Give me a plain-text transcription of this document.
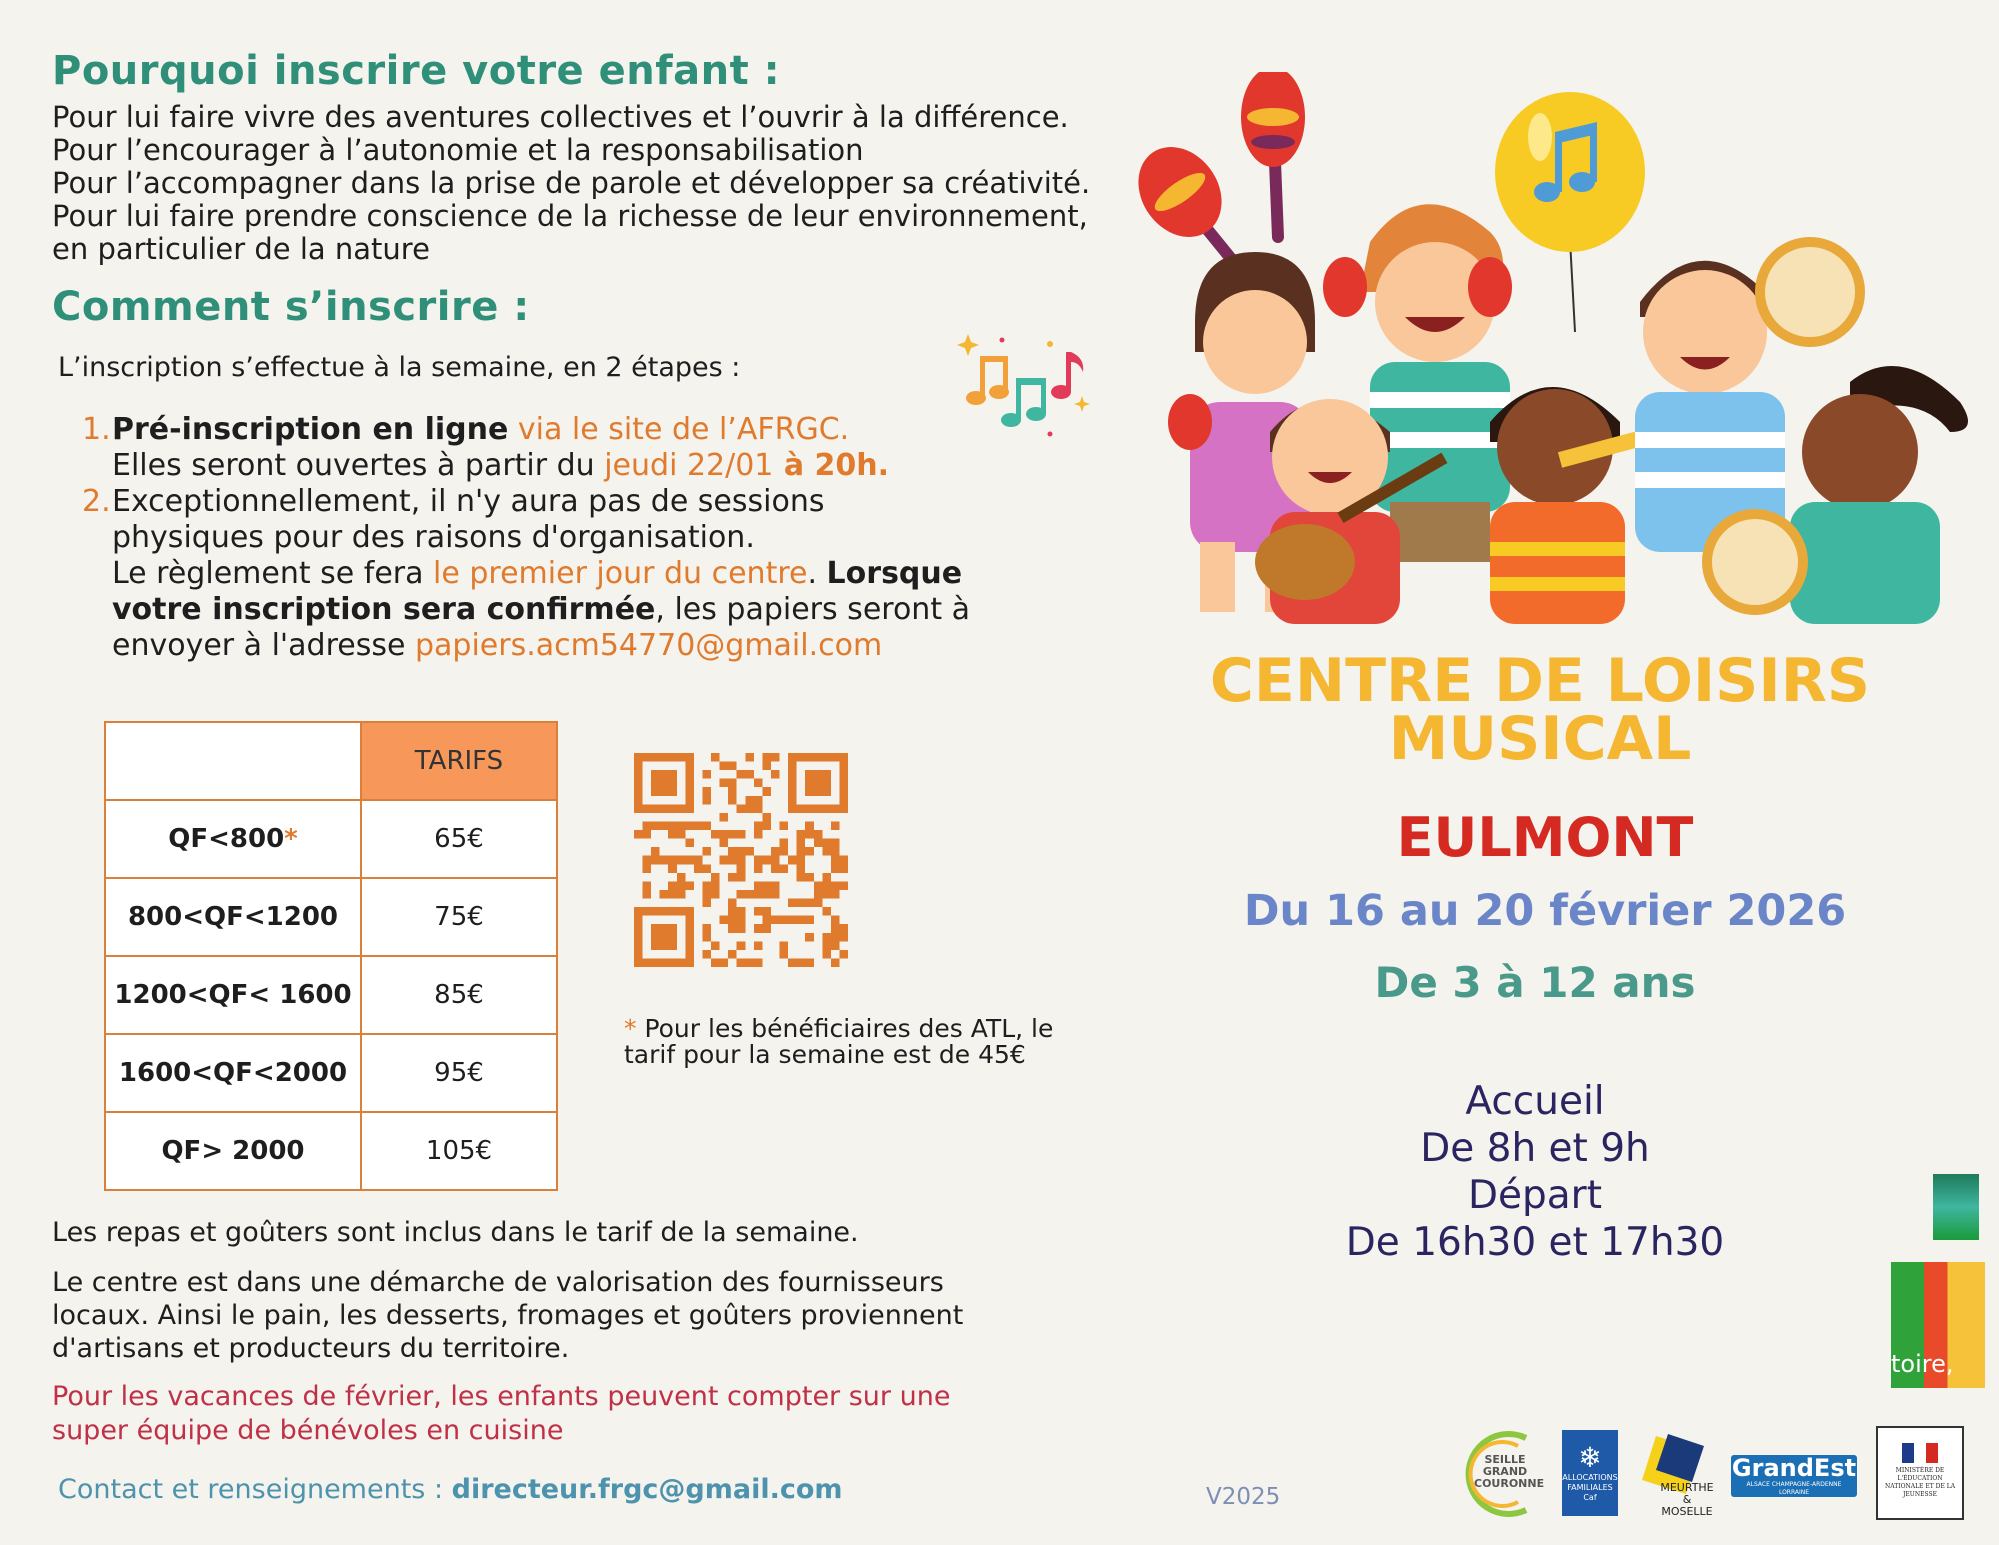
Pourquoi inscrire votre enfant :
Pour lui faire vivre des aventures collectives et l’ouvrir à la différence.
Pour l’encourager à l’autonomie et la responsabilisation
Pour l’accompagner dans la prise de parole et développer sa créativité.
Pour lui faire prendre conscience de la richesse de leur environnement,
en particulier de la nature
Comment s’inscrire :
L’inscription s’effectue à la semaine, en 2 étapes :
1. Pré-inscription en ligne via le site de l’AFRGC.
Elles seront ouvertes à partir du jeudi 22/01 à 20h.
2. Exceptionnellement, il n'y aura pas de sessions
physiques pour des raisons d'organisation.
Le règlement se fera le premier jour du centre. Lorsque
votre inscription sera confirmée, les papiers seront à
envoyer à l'adresse papiers.acm54770@gmail.com
	TARIFS
QF<800*	65€
800<QF<1200	75€
1200<QF< 1600	85€
1600<QF<2000	95€
QF> 2000	105€
* Pour les bénéficiaires des ATL, le
tarif pour la semaine est de 45€
Les repas et goûters sont inclus dans le tarif de la semaine.
Le centre est dans une démarche de valorisation des fournisseurs
locaux. Ainsi le pain, les desserts, fromages et goûters proviennent
d'artisans et producteurs du territoire.
Pour les vacances de février, les enfants peuvent compter sur une
super équipe de bénévoles en cuisine
Contact et renseignements : directeur.frgc@gmail.com	V2025
CENTRE DE LOISIRS
MUSICAL
EULMONT
Du 16 au 20 février 2026
De 3 à 12 ans
Accueil
De 8h et 9h
Départ
De 16h30 et 17h30
toire,
SEILLE GRAND COURONNE
❄
ALLOCATIONS FAMILIALES Caf
MEURTHE & MOSELLE
GrandEst
ALSACE CHAMPAGNE-ARDENNE LORRAINE
MINISTÈRE DE L'ÉDUCATION NATIONALE ET DE LA JEUNESSE
